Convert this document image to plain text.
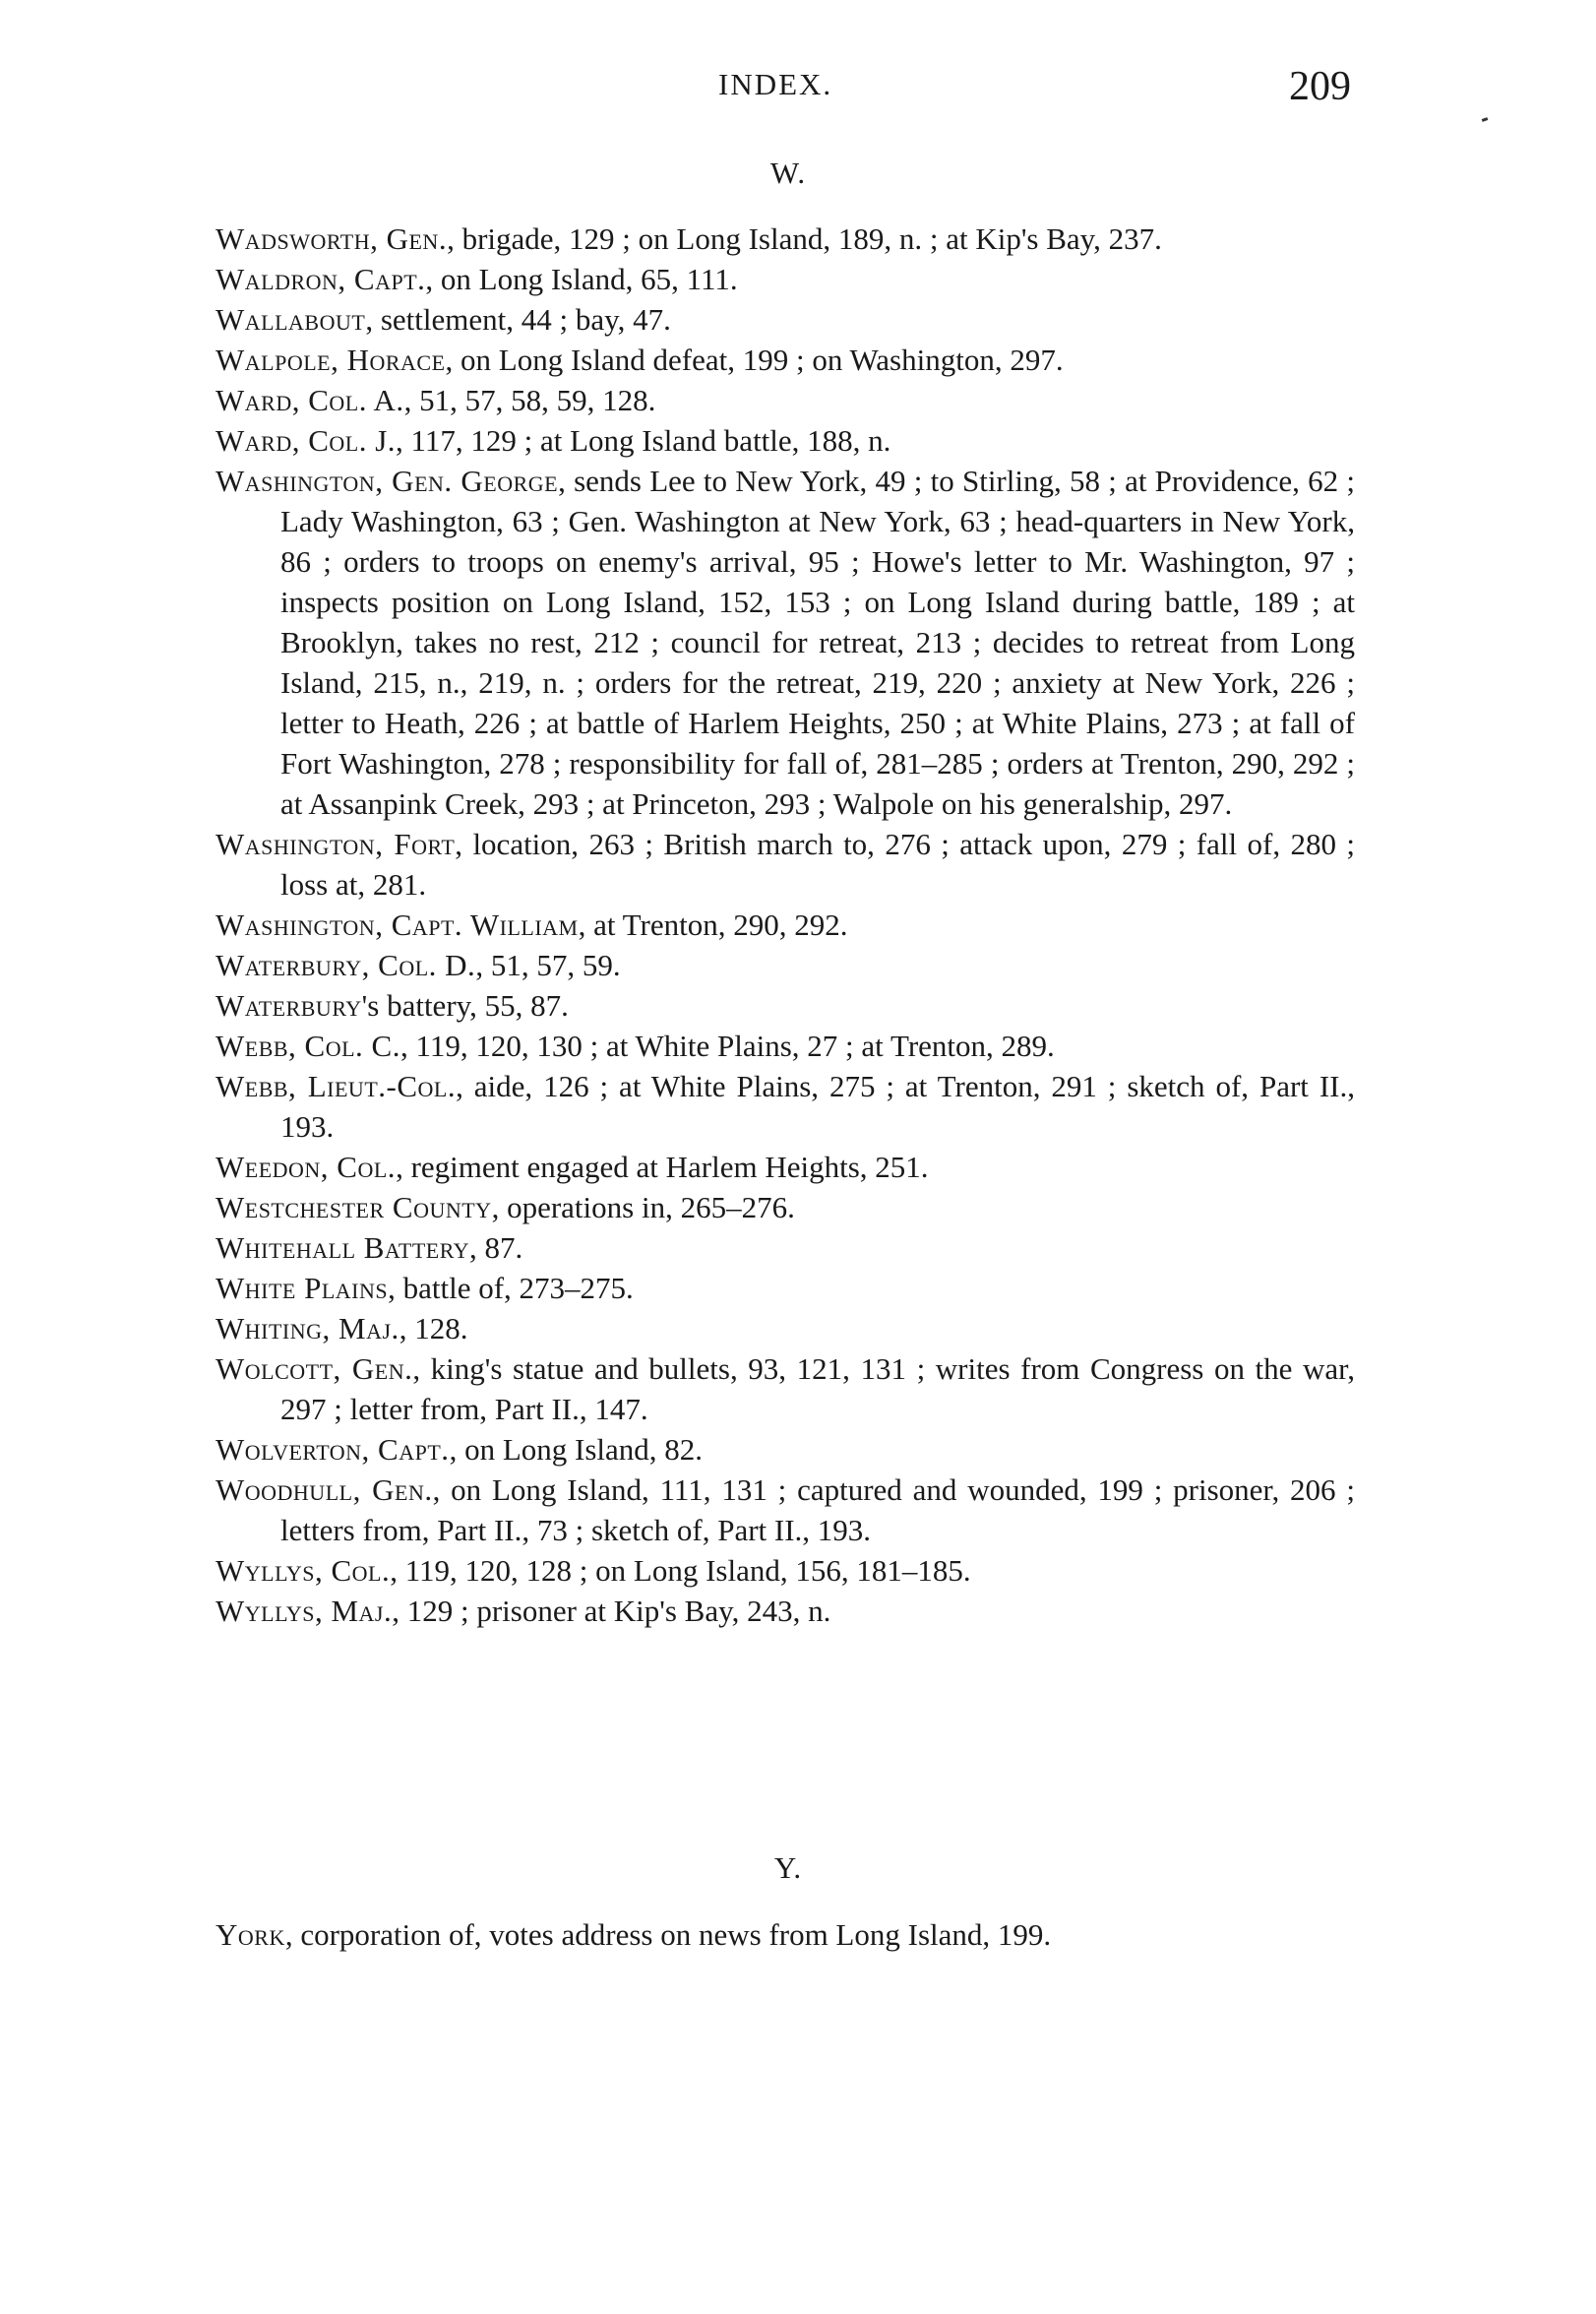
INDEX.	209
W.

Wadsworth, Gen., brigade, 129 ; on Long Island, 189, n. ; at Kip's Bay, 237.

Waldron, Capt., on Long Island, 65, 111.

Wallabout, settlement, 44 ; bay, 47.

Walpole, Horace, on Long Island defeat, 199 ; on Washington, 297.

Ward, Col. A., 51, 57, 58, 59, 128.

Ward, Col. J., 117, 129 ; at Long Island battle, 188, n.

Washington, Gen. George, sends Lee to New York, 49 ; to Stirling, 58 ; at Providence, 62 ; Lady Washington, 63 ; Gen. Washington at New York, 63 ; head-quarters in New York, 86 ; orders to troops on enemy's arrival, 95 ; Howe's letter to Mr. Washington, 97 ; inspects position on Long Island, 152, 153 ; on Long Island during battle, 189 ; at Brooklyn, takes no rest, 212 ; council for retreat, 213 ; decides to retreat from Long Island, 215, n., 219, n. ; orders for the retreat, 219, 220 ; anxiety at New York, 226 ; letter to Heath, 226 ; at battle of Harlem Heights, 250 ; at White Plains, 273 ; at fall of Fort Washington, 278 ; responsibility for fall of, 281–285 ; orders at Trenton, 290, 292 ; at Assanpink Creek, 293 ; at Princeton, 293 ; Walpole on his generalship, 297.

Washington, Fort, location, 263 ; British march to, 276 ; attack upon, 279 ; fall of, 280 ; loss at, 281.

Washington, Capt. William, at Trenton, 290, 292.

Waterbury, Col. D., 51, 57, 59.

Waterbury's battery, 55, 87.

Webb, Col. C., 119, 120, 130 ; at White Plains, 27 ; at Trenton, 289.

Webb, Lieut.-Col., aide, 126 ; at White Plains, 275 ; at Trenton, 291 ; sketch of, Part II., 193.

Weedon, Col., regiment engaged at Harlem Heights, 251.

Westchester County, operations in, 265–276.

Whitehall Battery, 87.

White Plains, battle of, 273–275.

Whiting, Maj., 128.

Wolcott, Gen., king's statue and bullets, 93, 121, 131 ; writes from Congress on the war, 297 ; letter from, Part II., 147.

Wolverton, Capt., on Long Island, 82.

Woodhull, Gen., on Long Island, 111, 131 ; captured and wounded, 199 ; prisoner, 206 ; letters from, Part II., 73 ; sketch of, Part II., 193.

Wyllys, Col., 119, 120, 128 ; on Long Island, 156, 181–185.

Wyllys, Maj., 129 ; prisoner at Kip's Bay, 243, n.

Y.

York, corporation of, votes address on news from Long Island, 199.
